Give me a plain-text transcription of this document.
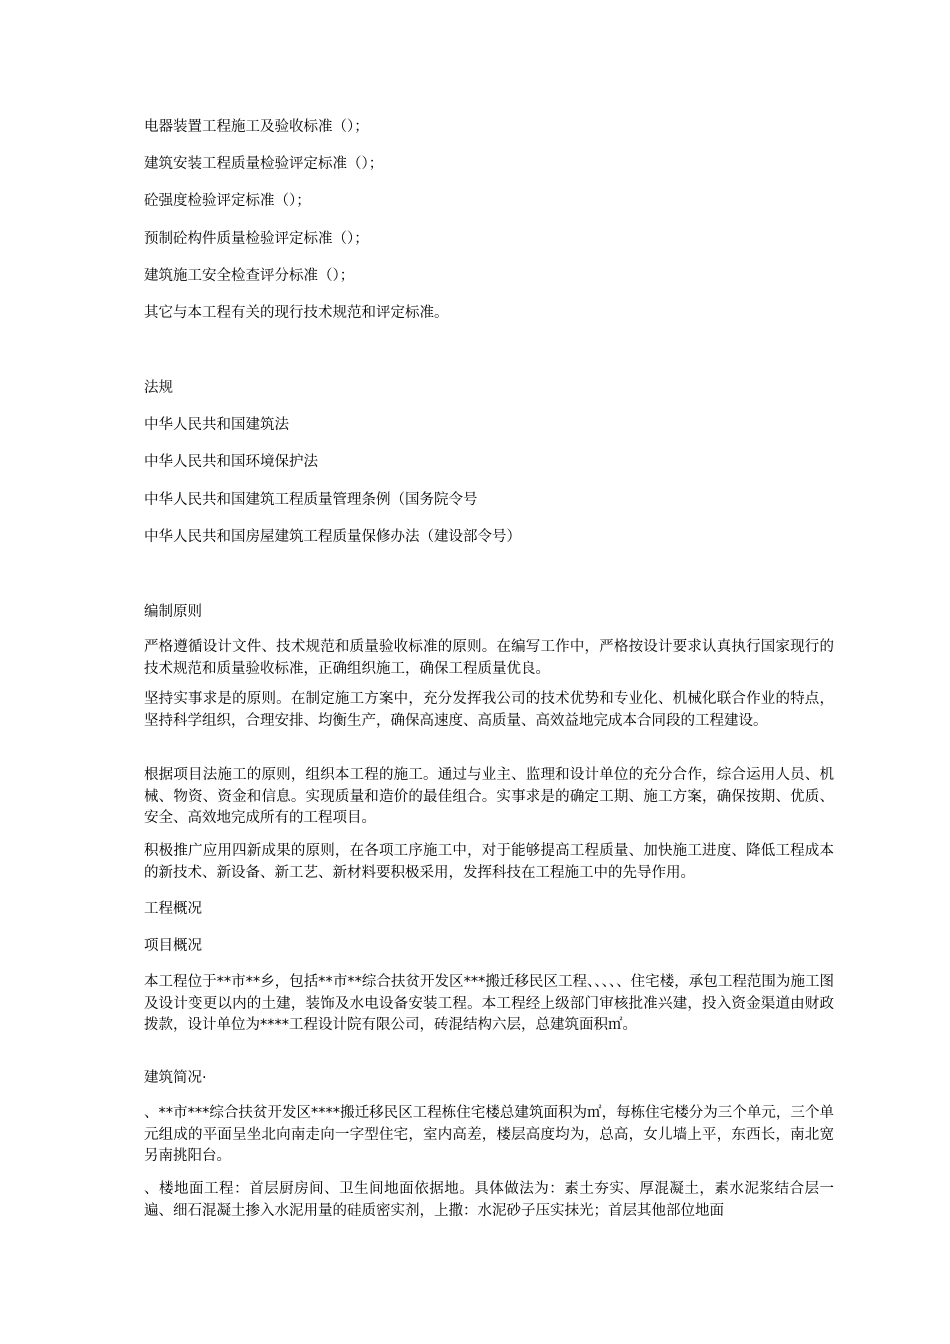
电器装置工程施工及验收标准（）；

建筑安装工程质量检验评定标准（）；

砼强度检验评定标准（）；

预制砼构件质量检验评定标准（）；

建筑施工安全检查评分标准（）；

其它与本工程有关的现行技术规范和评定标准。

法规

中华人民共和国建筑法

中华人民共和国环境保护法

中华人民共和国建筑工程质量管理条例（国务院令号

中华人民共和国房屋建筑工程质量保修办法（建设部令号）

编制原则

严格遵循设计文件、技术规范和质量验收标准的原则。在编写工作中，严格按设计要求认真执行国家现行的技术规范和质量验收标准，正确组织施工，确保工程质量优良。

坚持实事求是的原则。在制定施工方案中，充分发挥我公司的技术优势和专业化、机械化联合作业的特点，坚持科学组织，合理安排、均衡生产，确保高速度、高质量、高效益地完成本合同段的工程建设。

根据项目法施工的原则，组织本工程的施工。通过与业主、监理和设计单位的充分合作，综合运用人员、机械、物资、资金和信息。实现质量和造价的最佳组合。实事求是的确定工期、施工方案，确保按期、优质、安全、高效地完成所有的工程项目。

积极推广应用四新成果的原则，在各项工序施工中，对于能够提高工程质量、加快施工进度、降低工程成本的新技术、新设备、新工艺、新材料要积极采用，发挥科技在工程施工中的先导作用。

工程概况

项目概况

本工程位于**市**乡，包括**市**综合扶贫开发区***搬迁移民区工程、、、、、住宅楼，承包工程范围为施工图及设计变更以内的土建，装饰及水电设备安装工程。本工程经上级部门审核批准兴建，投入资金渠道由财政拨款，设计单位为****工程设计院有限公司，砖混结构六层，总建筑面积㎡。

建筑简况·

、**市***综合扶贫开发区****搬迁移民区工程栋住宅楼总建筑面积为㎡，每栋住宅楼分为三个单元，三个单元组成的平面呈坐北向南走向一字型住宅，室内高差，楼层高度均为，总高，女儿墙上平，东西长，南北宽另南挑阳台。

、楼地面工程：首层厨房间、卫生间地面依据地。具体做法为：素土夯实、厚混凝土，素水泥浆结合层一遍、细石混凝土掺入水泥用量的硅质密实剂，上撒：水泥砂子压实抹光；首层其他部位地面
